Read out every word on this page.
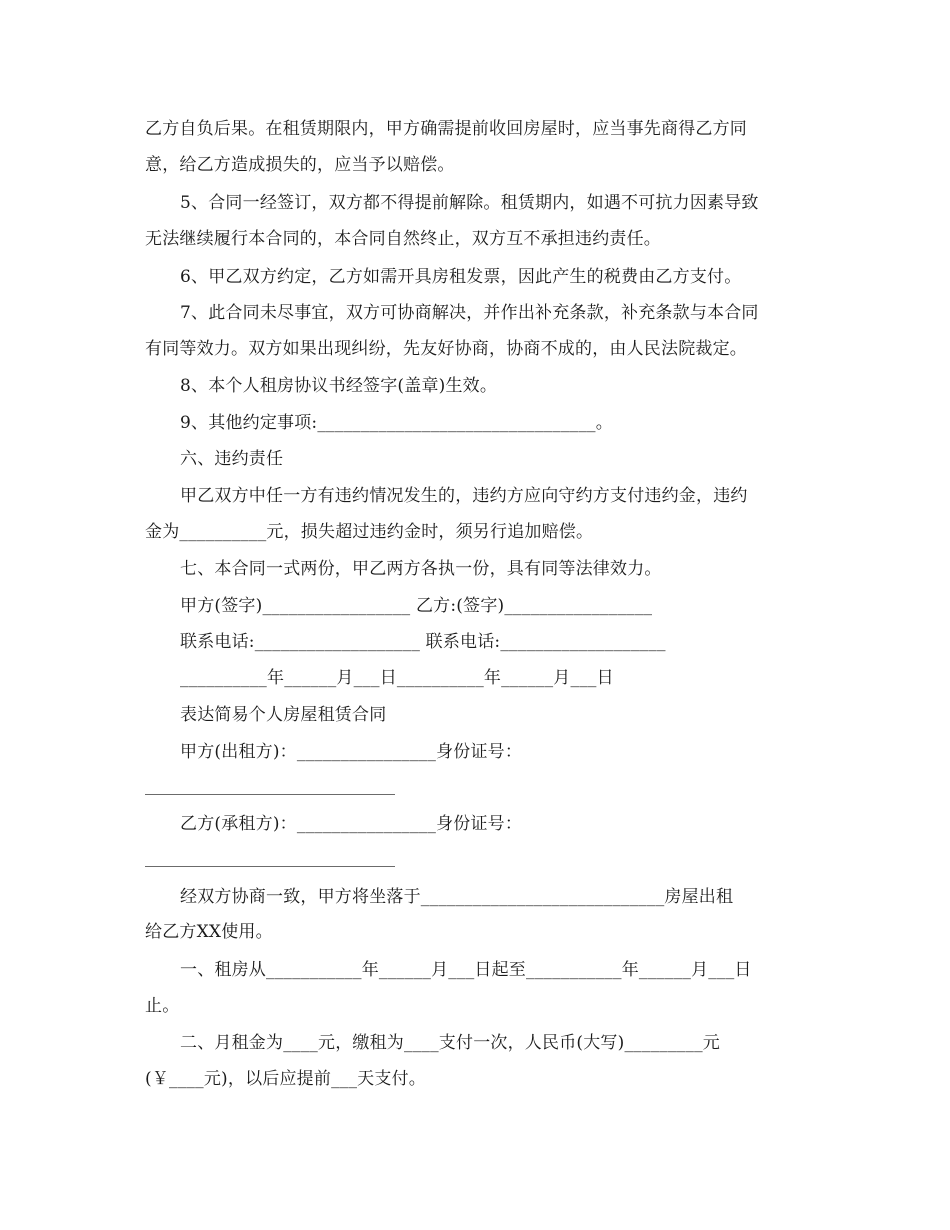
乙方自负后果。在租赁期限内，甲方确需提前收回房屋时，应当事先商得乙方同
意，给乙方造成损失的，应当予以赔偿。
5、合同一经签订，双方都不得提前解除。租赁期内，如遇不可抗力因素导致
无法继续履行本合同的，本合同自然终止，双方互不承担违约责任。
6、甲乙双方约定，乙方如需开具房租发票，因此产生的税费由乙方支付。
7、此合同未尽事宜，双方可协商解决，并作出补充条款，补充条款与本合同
有同等效力。双方如果出现纠纷，先友好协商，协商不成的，由人民法院裁定。
8、本个人租房协议书经签字(盖章)生效。
9、其他约定事项:________________________________。
六、违约责任
甲乙双方中任一方有违约情况发生的，违约方应向守约方支付违约金，违约
金为__________元，损失超过违约金时，须另行追加赔偿。
七、本合同一式两份，甲乙两方各执一份，具有同等法律效力。
甲方(签字)_________________ 乙方:(签字)_________________
联系电话:___________________ 联系电话:___________________
__________年______月___日__________年______月___日
表达简易个人房屋租赁合同
甲方(出租方)：________________身份证号：
乙方(承租方)：________________身份证号：
经双方协商一致，甲方将坐落于____________________________房屋出租
给乙方XX使用。
一、租房从___________年______月___日起至___________年______月___日
止。
二、月租金为____元，缴租为____支付一次，人民币(大写)_________元
(￥____元)，以后应提前___天支付。
